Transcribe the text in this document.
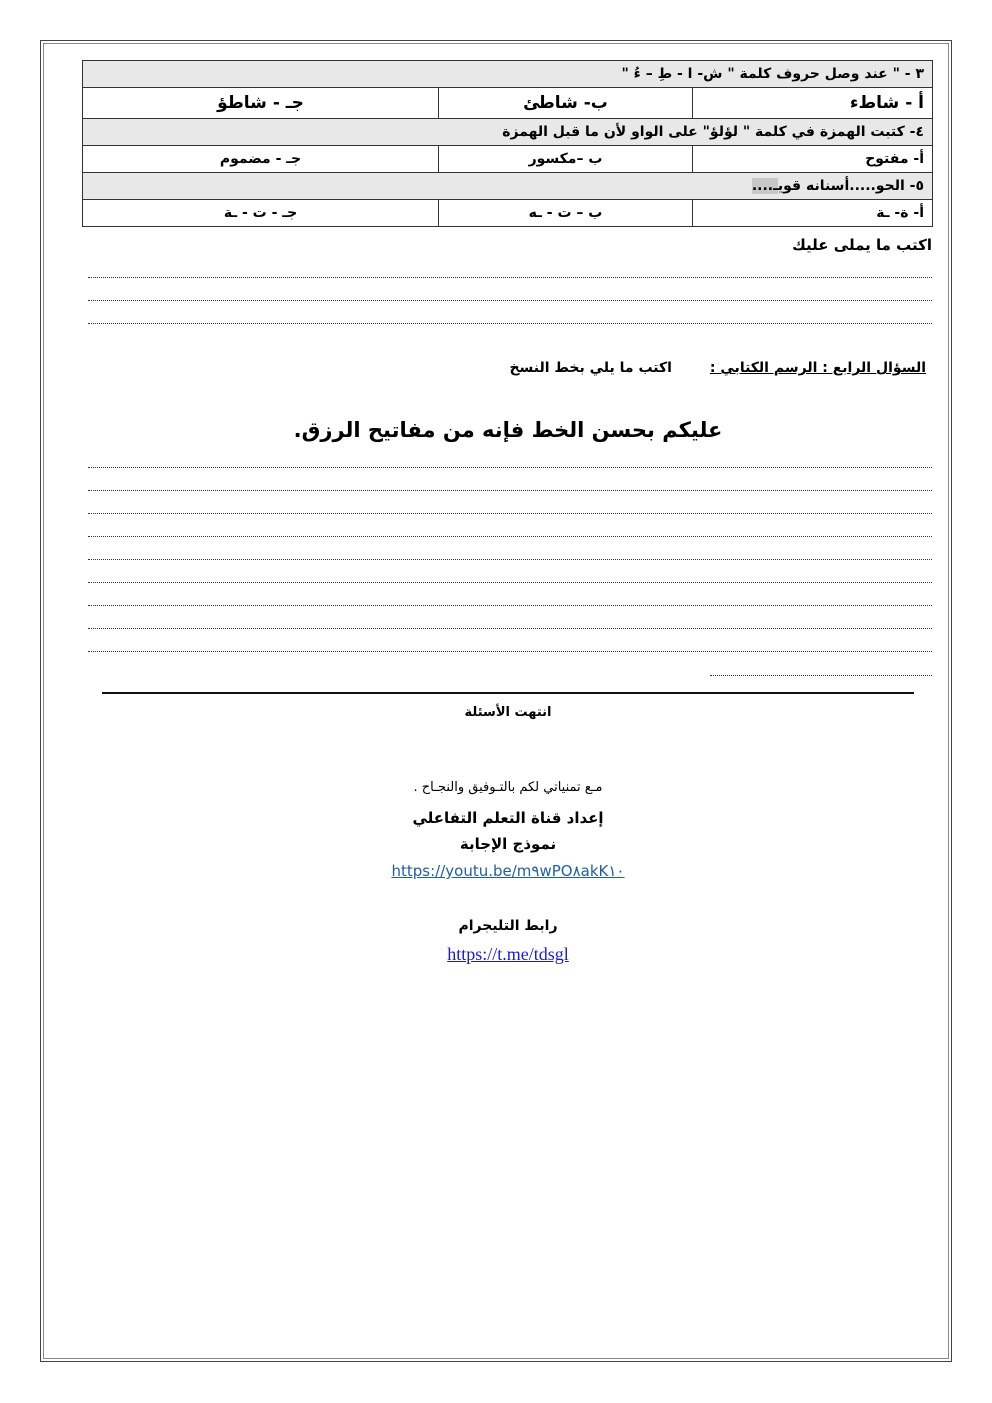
٣ - " عند وصل حروف كلمة " ش- ا - طِ – ءُ "		
أ - شاطء	ب- شاطئ	جـ - شاطؤ
٤- كتبت الهمزة في كلمة " لؤلؤ" على الواو لأن ما قبل الهمزة		
أ- مفتوح	ب –مكسور	جـ - مضموم
٥- الحو.....أسنانه قويـ....		
أ- ة- ـة	ب – ت - ـه	جـ - ت - ـة
اكتب ما يملى عليك
السؤال الرابع : الرسم الكتابي :اكتب ما يلي بخط النسخ
عليكم بحسن الخط فإنه من مفاتيح الرزق.
انتهت الأسئلة
مـع تمنياتي لكم بالتـوفيق والنجـاح .
إعداد قناة التعلم التفاعلي
نموذج الإجابة
https://youtu.be/m٩wPO٨akK١٠
رابط التليجرام
https://t.me/tdsgl
